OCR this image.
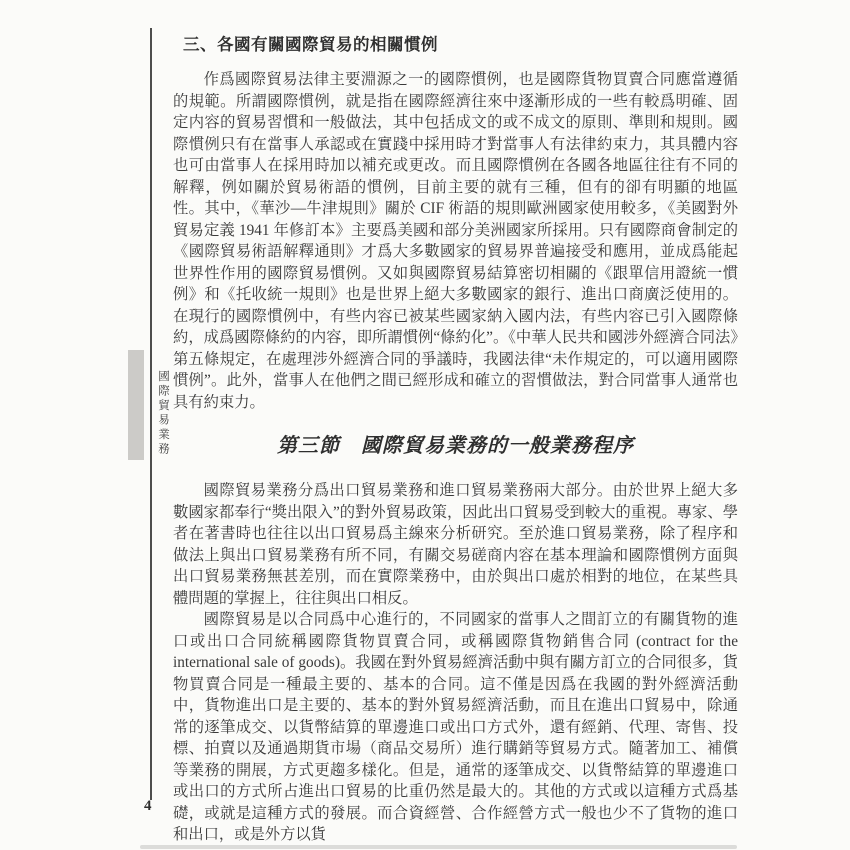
國際貿易業務
三、各國有關國際貿易的相關慣例

作爲國際貿易法律主要淵源之一的國際慣例，也是國際貨物買賣合同應當遵循的規範。所謂國際慣例，就是指在國際經濟往來中逐漸形成的一些有較爲明確、固定内容的貿易習慣和一般做法，其中包括成文的或不成文的原則、準則和規則。國際慣例只有在當事人承認或在實踐中採用時才對當事人有法律約束力，其具體内容也可由當事人在採用時加以補充或更改。而且國際慣例在各國各地區往往有不同的解釋，例如關於貿易術語的慣例，目前主要的就有三種，但有的卻有明顯的地區性。其中，《華沙—牛津規則》關於 CIF 術語的規則歐洲國家使用較多，《美國對外貿易定義 1941 年修訂本》主要爲美國和部分美洲國家所採用。只有國際商會制定的《國際貿易術語解釋通則》才爲大多數國家的貿易界普遍接受和應用，並成爲能起世界性作用的國際貿易慣例。又如與國際貿易結算密切相關的《跟單信用證統一慣例》和《托收統一規則》也是世界上絕大多數國家的銀行、進出口商廣泛使用的。在現行的國際慣例中，有些内容已被某些國家納入國内法，有些内容已引入國際條約，成爲國際條約的内容，即所謂慣例“條約化”。《中華人民共和國涉外經濟合同法》第五條規定，在處理涉外經濟合同的爭議時，我國法律“未作規定的，可以適用國際慣例”。此外，當事人在他們之間已經形成和確立的習慣做法，對合同當事人通常也具有約束力。

第三節　國際貿易業務的一般業務程序

國際貿易業務分爲出口貿易業務和進口貿易業務兩大部分。由於世界上絕大多數國家都奉行“獎出限入”的對外貿易政策，因此出口貿易受到較大的重視。專家、學者在著書時也往往以出口貿易爲主線來分析研究。至於進口貿易業務，除了程序和做法上與出口貿易業務有所不同，有關交易磋商内容在基本理論和國際慣例方面與出口貿易業務無甚差別，而在實際業務中，由於與出口處於相對的地位，在某些具體問題的掌握上，往往與出口相反。

國際貿易是以合同爲中心進行的，不同國家的當事人之間訂立的有關貨物的進口或出口合同統稱國際貨物買賣合同，或稱國際貨物銷售合同 (contract for the international sale of goods)。我國在對外貿易經濟活動中與有關方訂立的合同很多，貨物買賣合同是一種最主要的、基本的合同。這不僅是因爲在我國的對外經濟活動中，貨物進出口是主要的、基本的對外貿易經濟活動，而且在進出口貿易中，除通常的逐筆成交、以貨幣結算的單邊進口或出口方式外，還有經銷、代理、寄售、投標、拍賣以及通過期貨市場（商品交易所）進行購銷等貿易方式。隨著加工、補償等業務的開展，方式更趨多樣化。但是，通常的逐筆成交、以貨幣結算的單邊進口或出口的方式所占進出口貿易的比重仍然是最大的。其他的方式或以這種方式爲基礎，或就是這種方式的發展。而合資經營、合作經營方式一般也少不了貨物的進口和出口，或是外方以貨

4
